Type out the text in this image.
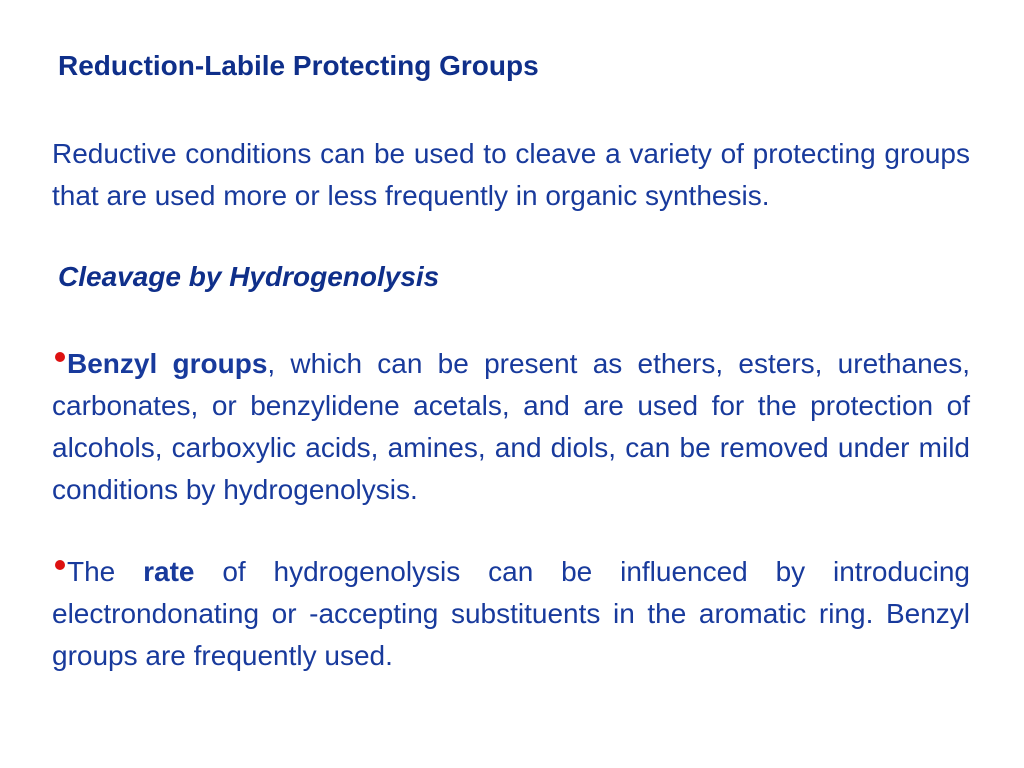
Reduction-Labile Protecting Groups

Reductive conditions can be used to cleave a variety of protecting groups that are used more or less frequently in organic synthesis.

Cleavage by Hydrogenolysis

Benzyl groups, which can be present as ethers, esters, urethanes, carbonates, or benzylidene acetals, and are used for the protection of alcohols, carboxylic acids, amines, and diols, can be removed under mild conditions by hydrogenolysis.

The rate of hydrogenolysis can be influenced by introducing electrondonating or -accepting substituents in the aromatic ring. Benzyl groups are frequently used.
